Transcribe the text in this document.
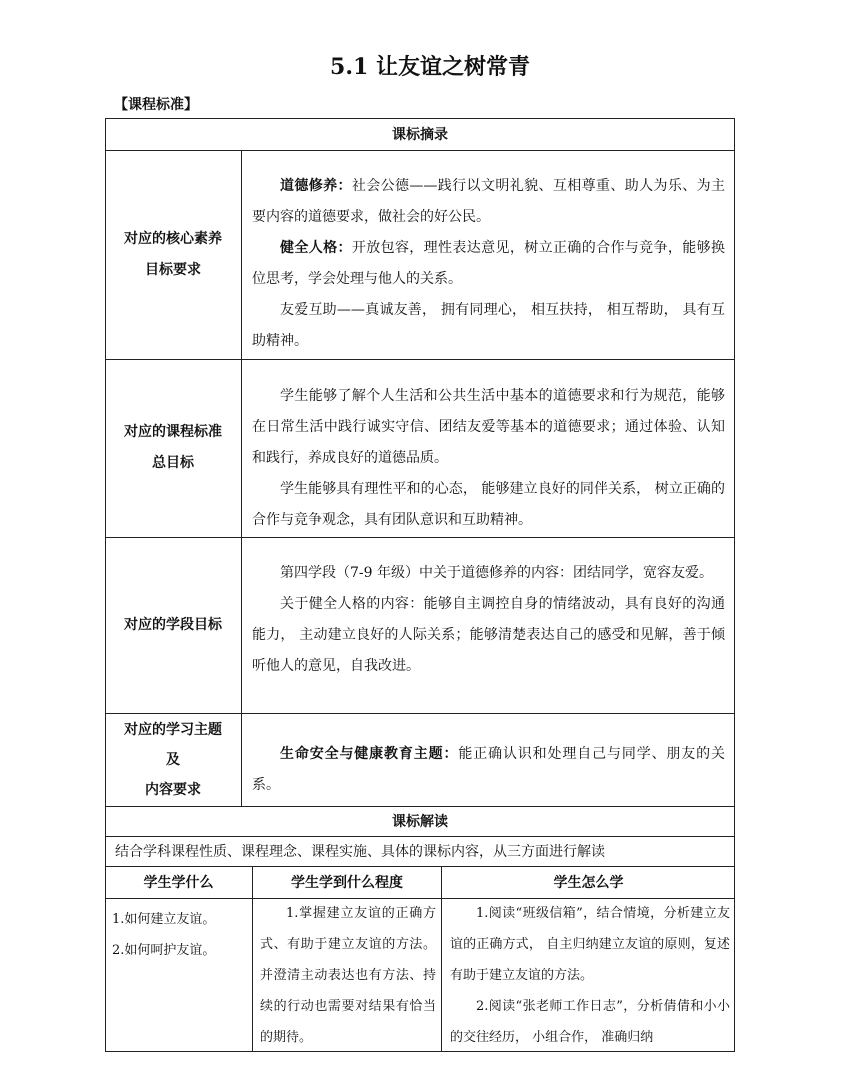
5.1 让友谊之树常青
【课程标准】
课标摘录
对应的核心素养
目标要求

道德修养：社会公德——践行以文明礼貌、互相尊重、助人为乐、为主要内容的道德要求，做社会的好公民。

健全人格：开放包容，理性表达意见，树立正确的合作与竞争，能够换位思考，学会处理与他人的关系。

友爱互助——真诚友善， 拥有同理心， 相互扶持， 相互帮助， 具有互助精神。

对应的课程标准
总目标

学生能够了解个人生活和公共生活中基本的道德要求和行为规范，能够在日常生活中践行诚实守信、团结友爱等基本的道德要求；通过体验、认知和践行，养成良好的道德品质。

学生能够具有理性平和的心态， 能够建立良好的同伴关系， 树立正确的合作与竞争观念，具有团队意识和互助精神。

对应的学段目标

第四学段（7-9 年级）中关于道德修养的内容：团结同学，宽容友爱。

关于健全人格的内容：能够自主调控自身的情绪波动，具有良好的沟通能力， 主动建立良好的人际关系；能够清楚表达自己的感受和见解，善于倾听他人的意见，自我改进。

对应的学习主题
及
内容要求

生命安全与健康教育主题：能正确认识和处理自己与同学、朋友的关系。

课标解读
结合学科课程性质、课程理念、课程实施、具体的课标内容，从三方面进行解读
学生学什么	学生学到什么程度	学生怎么学

1.如何建立友谊。

2.如何呵护友谊。

1.掌握建立友谊的正确方式、有助于建立友谊的方法。并澄清主动表达也有方法、持续的行动也需要对结果有恰当的期待。

1.阅读“班级信箱”，结合情境，分析建立友谊的正确方式， 自主归纳建立友谊的原则，复述有助于建立友谊的方法。

2.阅读“张老师工作日志”，分析倩倩和小小的交往经历， 小组合作， 准确归纳
